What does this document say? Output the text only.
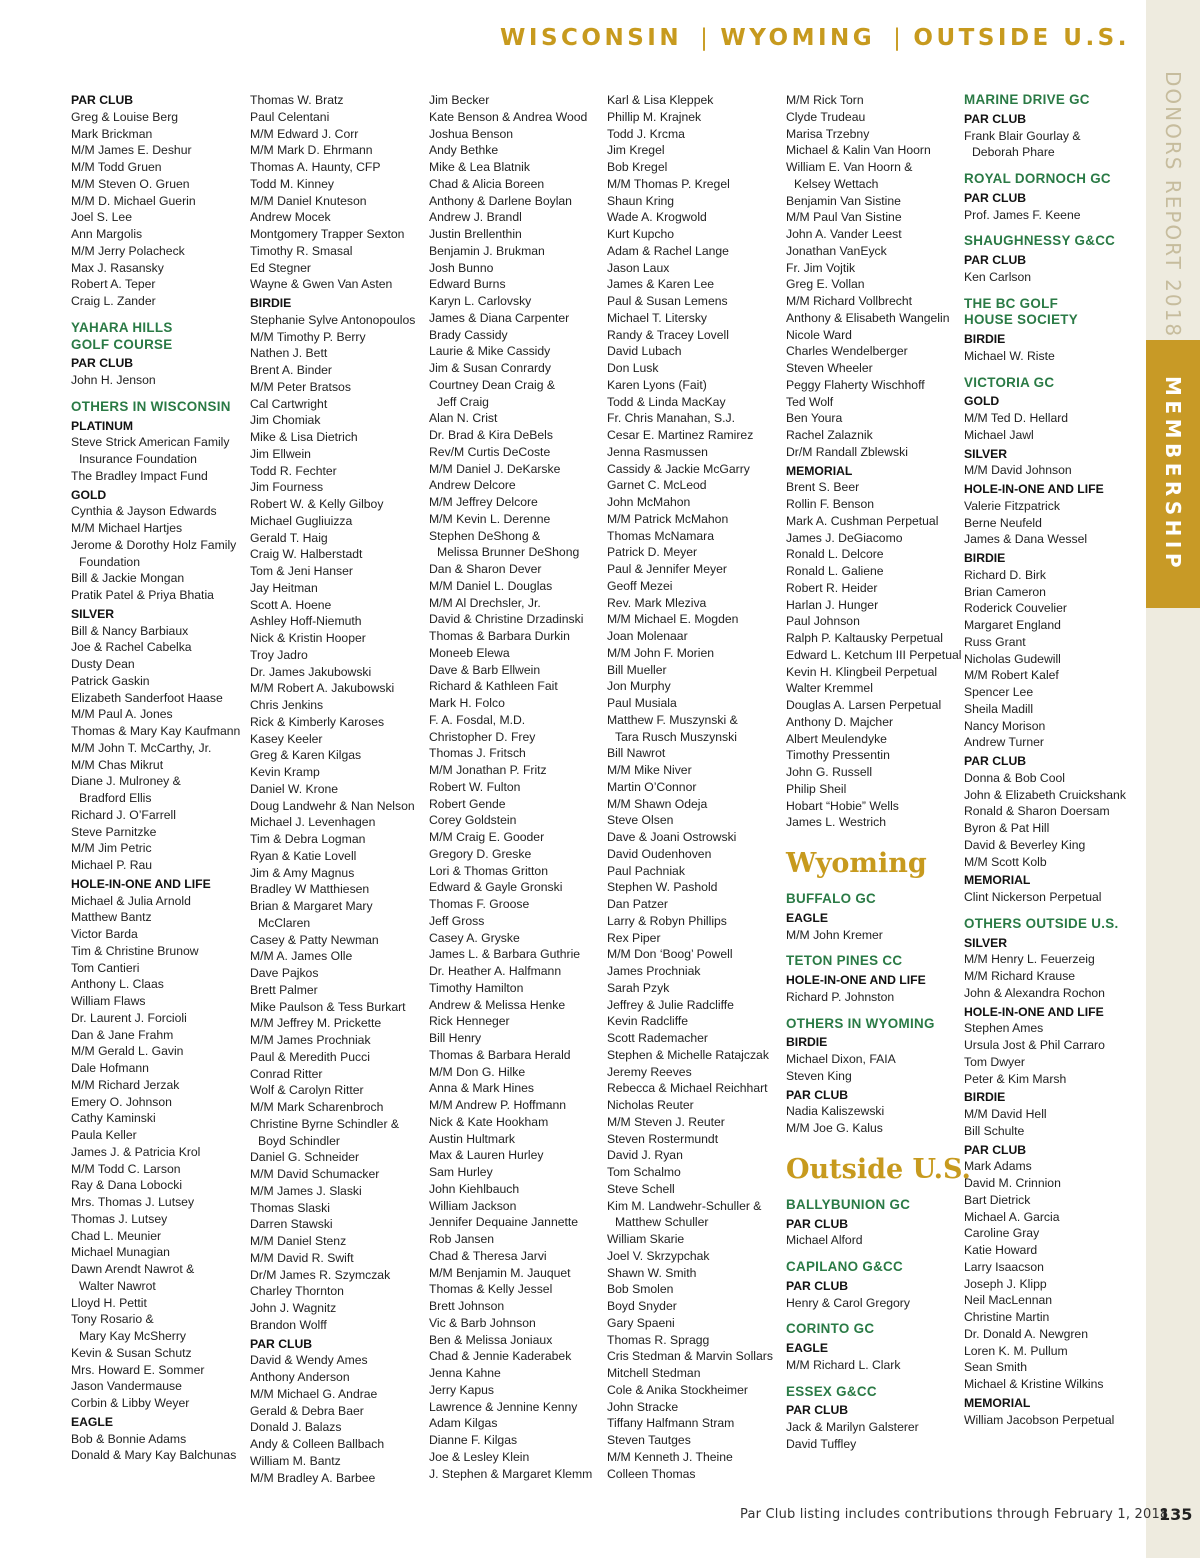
WISCONSIN | WYOMING | OUTSIDE U.S.
DONORS REPORT 2018
MEMBERSHIP
PAR CLUB
Greg & Louise Berg
Mark Brickman
M/M James E. Deshur
M/M Todd Gruen
M/M Steven O. Gruen
M/M D. Michael Guerin
Joel S. Lee
Ann Margolis
M/M Jerry Polacheck
Max J. Rasansky
Robert A. Teper
Craig L. Zander
YAHARA HILLS
GOLF COURSE
PAR CLUB
John H. Jenson
OTHERS IN WISCONSIN
PLATINUM
Steve Strick American Family
Insurance Foundation
The Bradley Impact Fund
GOLD
Cynthia & Jayson Edwards
M/M Michael Hartjes
Jerome & Dorothy Holz Family
Foundation
Bill & Jackie Mongan
Pratik Patel & Priya Bhatia
SILVER
Bill & Nancy Barbiaux
Joe & Rachel Cabelka
Dusty Dean
Patrick Gaskin
Elizabeth Sanderfoot Haase
M/M Paul A. Jones
Thomas & Mary Kay Kaufmann
M/M John T. McCarthy, Jr.
M/M Chas Mikrut
Diane J. Mulroney &
Bradford Ellis
Richard J. O’Farrell
Steve Parnitzke
M/M Jim Petric
Michael P. Rau
HOLE-IN-ONE AND LIFE
Michael & Julia Arnold
Matthew Bantz
Victor Barda
Tim & Christine Brunow
Tom Cantieri
Anthony L. Claas
William Flaws
Dr. Laurent J. Forcioli
Dan & Jane Frahm
M/M Gerald L. Gavin
Dale Hofmann
M/M Richard Jerzak
Emery O. Johnson
Cathy Kaminski
Paula Keller
James J. & Patricia Krol
M/M Todd C. Larson
Ray & Dana Lobocki
Mrs. Thomas J. Lutsey
Thomas J. Lutsey
Chad L. Meunier
Michael Munagian
Dawn Arendt Nawrot &
Walter Nawrot
Lloyd H. Pettit
Tony Rosario &
Mary Kay McSherry
Kevin & Susan Schutz
Mrs. Howard E. Sommer
Jason Vandermause
Corbin & Libby Weyer
EAGLE
Bob & Bonnie Adams
Donald & Mary Kay Balchunas
Thomas W. Bratz
Paul Celentani
M/M Edward J. Corr
M/M Mark D. Ehrmann
Thomas A. Haunty, CFP
Todd M. Kinney
M/M Daniel Knuteson
Andrew Mocek
Montgomery Trapper Sexton
Timothy R. Smasal
Ed Stegner
Wayne & Gwen Van Asten
BIRDIE
Stephanie Sylve Antonopoulos
M/M Timothy P. Berry
Nathen J. Bett
Brent A. Binder
M/M Peter Bratsos
Cal Cartwright
Jim Chomiak
Mike & Lisa Dietrich
Jim Ellwein
Todd R. Fechter
Jim Fourness
Robert W. & Kelly Gilboy
Michael Gugliuizza
Gerald T. Haig
Craig W. Halberstadt
Tom & Jeni Hanser
Jay Heitman
Scott A. Hoene
Ashley Hoff-Niemuth
Nick & Kristin Hooper
Troy Jadro
Dr. James Jakubowski
M/M Robert A. Jakubowski
Chris Jenkins
Rick & Kimberly Karoses
Kasey Keeler
Greg & Karen Kilgas
Kevin Kramp
Daniel W. Krone
Doug Landwehr & Nan Nelson
Michael J. Levenhagen
Tim & Debra Logman
Ryan & Katie Lovell
Jim & Amy Magnus
Bradley W Matthiesen
Brian & Margaret Mary
McClaren
Casey & Patty Newman
M/M A. James Olle
Dave Pajkos
Brett Palmer
Mike Paulson & Tess Burkart
M/M Jeffrey M. Prickette
M/M James Prochniak
Paul & Meredith Pucci
Conrad Ritter
Wolf & Carolyn Ritter
M/M Mark Scharenbroch
Christine Byrne Schindler &
Boyd Schindler
Daniel G. Schneider
M/M David Schumacker
M/M James J. Slaski
Thomas Slaski
Darren Stawski
M/M Daniel Stenz
M/M David R. Swift
Dr/M James R. Szymczak
Charley Thornton
John J. Wagnitz
Brandon Wolff
PAR CLUB
David & Wendy Ames
Anthony Anderson
M/M Michael G. Andrae
Gerald & Debra Baer
Donald J. Balazs
Andy & Colleen Ballbach
William M. Bantz
M/M Bradley A. Barbee
Jim Becker
Kate Benson & Andrea Wood
Joshua Benson
Andy Bethke
Mike & Lea Blatnik
Chad & Alicia Boreen
Anthony & Darlene Boylan
Andrew J. Brandl
Justin Brellenthin
Benjamin J. Brukman
Josh Bunno
Edward Burns
Karyn L. Carlovsky
James & Diana Carpenter
Brady Cassidy
Laurie & Mike Cassidy
Jim & Susan Conrardy
Courtney Dean Craig &
Jeff Craig
Alan N. Crist
Dr. Brad & Kira DeBels
Rev/M Curtis DeCoste
M/M Daniel J. DeKarske
Andrew Delcore
M/M Jeffrey Delcore
M/M Kevin L. Derenne
Stephen DeShong &
Melissa Brunner DeShong
Dan & Sharon Dever
M/M Daniel L. Douglas
M/M Al Drechsler, Jr.
David & Christine Drzadinski
Thomas & Barbara Durkin
Moneeb Elewa
Dave & Barb Ellwein
Richard & Kathleen Fait
Mark H. Folco
F. A. Fosdal, M.D.
Christopher D. Frey
Thomas J. Fritsch
M/M Jonathan P. Fritz
Robert W. Fulton
Robert Gende
Corey Goldstein
M/M Craig E. Gooder
Gregory D. Greske
Lori & Thomas Gritton
Edward & Gayle Gronski
Thomas F. Groose
Jeff Gross
Casey A. Gryske
James L. & Barbara Guthrie
Dr. Heather A. Halfmann
Timothy Hamilton
Andrew & Melissa Henke
Rick Henneger
Bill Henry
Thomas & Barbara Herald
M/M Don G. Hilke
Anna & Mark Hines
M/M Andrew P. Hoffmann
Nick & Kate Hookham
Austin Hultmark
Max & Lauren Hurley
Sam Hurley
John Kiehlbauch
William Jackson
Jennifer Dequaine Jannette
Rob Jansen
Chad & Theresa Jarvi
M/M Benjamin M. Jauquet
Thomas & Kelly Jessel
Brett Johnson
Vic & Barb Johnson
Ben & Melissa Joniaux
Chad & Jennie Kaderabek
Jenna Kahne
Jerry Kapus
Lawrence & Jennine Kenny
Adam Kilgas
Dianne F. Kilgas
Joe & Lesley Klein
J. Stephen & Margaret Klemm
Karl & Lisa Kleppek
Phillip M. Krajnek
Todd J. Krcma
Jim Kregel
Bob Kregel
M/M Thomas P. Kregel
Shaun Kring
Wade A. Krogwold
Kurt Kupcho
Adam & Rachel Lange
Jason Laux
James & Karen Lee
Paul & Susan Lemens
Michael T. Litersky
Randy & Tracey Lovell
David Lubach
Don Lusk
Karen Lyons (Fait)
Todd & Linda MacKay
Fr. Chris Manahan, S.J.
Cesar E. Martinez Ramirez
Jenna Rasmussen
Cassidy & Jackie McGarry
Garnet C. McLeod
John McMahon
M/M Patrick McMahon
Thomas McNamara
Patrick D. Meyer
Paul & Jennifer Meyer
Geoff Mezei
Rev. Mark Mleziva
M/M Michael E. Mogden
Joan Molenaar
M/M John F. Morien
Bill Mueller
Jon Murphy
Paul Musiala
Matthew F. Muszynski &
Tara Rusch Muszynski
Bill Nawrot
M/M Mike Niver
Martin O’Connor
M/M Shawn Odeja
Steve Olsen
Dave & Joani Ostrowski
David Oudenhoven
Paul Pachniak
Stephen W. Pashold
Dan Patzer
Larry & Robyn Phillips
Rex Piper
M/M Don ‘Boog’ Powell
James Prochniak
Sarah Pzyk
Jeffrey & Julie Radcliffe
Kevin Radcliffe
Scott Rademacher
Stephen & Michelle Ratajczak
Jeremy Reeves
Rebecca & Michael Reichhart
Nicholas Reuter
M/M Steven J. Reuter
Steven Rostermundt
David J. Ryan
Tom Schalmo
Steve Schell
Kim M. Landwehr-Schuller &
Matthew Schuller
William Skarie
Joel V. Skrzypchak
Shawn W. Smith
Bob Smolen
Boyd Snyder
Gary Spaeni
Thomas R. Spragg
Cris Stedman & Marvin Sollars
Mitchell Stedman
Cole & Anika Stockheimer
John Stracke
Tiffany Halfmann Stram
Steven Tautges
M/M Kenneth J. Theine
Colleen Thomas
M/M Rick Torn
Clyde Trudeau
Marisa Trzebny
Michael & Kalin Van Hoorn
William E. Van Hoorn &
Kelsey Wettach
Benjamin Van Sistine
M/M Paul Van Sistine
John A. Vander Leest
Jonathan VanEyck
Fr. Jim Vojtik
Greg E. Vollan
M/M Richard Vollbrecht
Anthony & Elisabeth Wangelin
Nicole Ward
Charles Wendelberger
Steven Wheeler
Peggy Flaherty Wischhoff
Ted Wolf
Ben Youra
Rachel Zalaznik
Dr/M Randall Zblewski
MEMORIAL
Brent S. Beer
Rollin F. Benson
Mark A. Cushman Perpetual
James J. DeGiacomo
Ronald L. Delcore
Ronald L. Galiene
Robert R. Heider
Harlan J. Hunger
Paul Johnson
Ralph P. Kaltausky Perpetual
Edward L. Ketchum III Perpetual
Kevin H. Klingbeil Perpetual
Walter Kremmel
Douglas A. Larsen Perpetual
Anthony D. Majcher
Albert Meulendyke
Timothy Pressentin
John G. Russell
Philip Sheil
Hobart “Hobie” Wells
James L. Westrich
Wyoming
BUFFALO GC
EAGLE
M/M John Kremer
TETON PINES CC
HOLE-IN-ONE AND LIFE
Richard P. Johnston
OTHERS IN WYOMING
BIRDIE
Michael Dixon, FAIA
Steven King
PAR CLUB
Nadia Kaliszewski
M/M Joe G. Kalus
Outside U.S.
BALLYBUNION GC
PAR CLUB
Michael Alford
CAPILANO G&CC
PAR CLUB
Henry & Carol Gregory
CORINTO GC
EAGLE
M/M Richard L. Clark
ESSEX G&CC
PAR CLUB
Jack & Marilyn Galsterer
David Tuffley
MARINE DRIVE GC
PAR CLUB
Frank Blair Gourlay &
Deborah Phare
ROYAL DORNOCH GC
PAR CLUB
Prof. James F. Keene
SHAUGHNESSY G&CC
PAR CLUB
Ken Carlson
THE BC GOLF
HOUSE SOCIETY
BIRDIE
Michael W. Riste
VICTORIA GC
GOLD
M/M Ted D. Hellard
Michael Jawl
SILVER
M/M David Johnson
HOLE-IN-ONE AND LIFE
Valerie Fitzpatrick
Berne Neufeld
James & Dana Wessel
BIRDIE
Richard D. Birk
Brian Cameron
Roderick Couvelier
Margaret England
Russ Grant
Nicholas Gudewill
M/M Robert Kalef
Spencer Lee
Sheila Madill
Nancy Morison
Andrew Turner
PAR CLUB
Donna & Bob Cool
John & Elizabeth Cruickshank
Ronald & Sharon Doersam
Byron & Pat Hill
David & Beverley King
M/M Scott Kolb
MEMORIAL
Clint Nickerson Perpetual
OTHERS OUTSIDE U.S.
SILVER
M/M Henry L. Feuerzeig
M/M Richard Krause
John & Alexandra Rochon
HOLE-IN-ONE AND LIFE
Stephen Ames
Ursula Jost & Phil Carraro
Tom Dwyer
Peter & Kim Marsh
BIRDIE
M/M David Hell
Bill Schulte
PAR CLUB
Mark Adams
David M. Crinnion
Bart Dietrick
Michael A. Garcia
Caroline Gray
Katie Howard
Larry Isaacson
Joseph J. Klipp
Neil MacLennan
Christine Martin
Dr. Donald A. Newgren
Loren K. M. Pullum
Sean Smith
Michael & Kristine Wilkins
MEMORIAL
William Jacobson Perpetual
Par Club listing includes contributions through February 1, 2018
135
